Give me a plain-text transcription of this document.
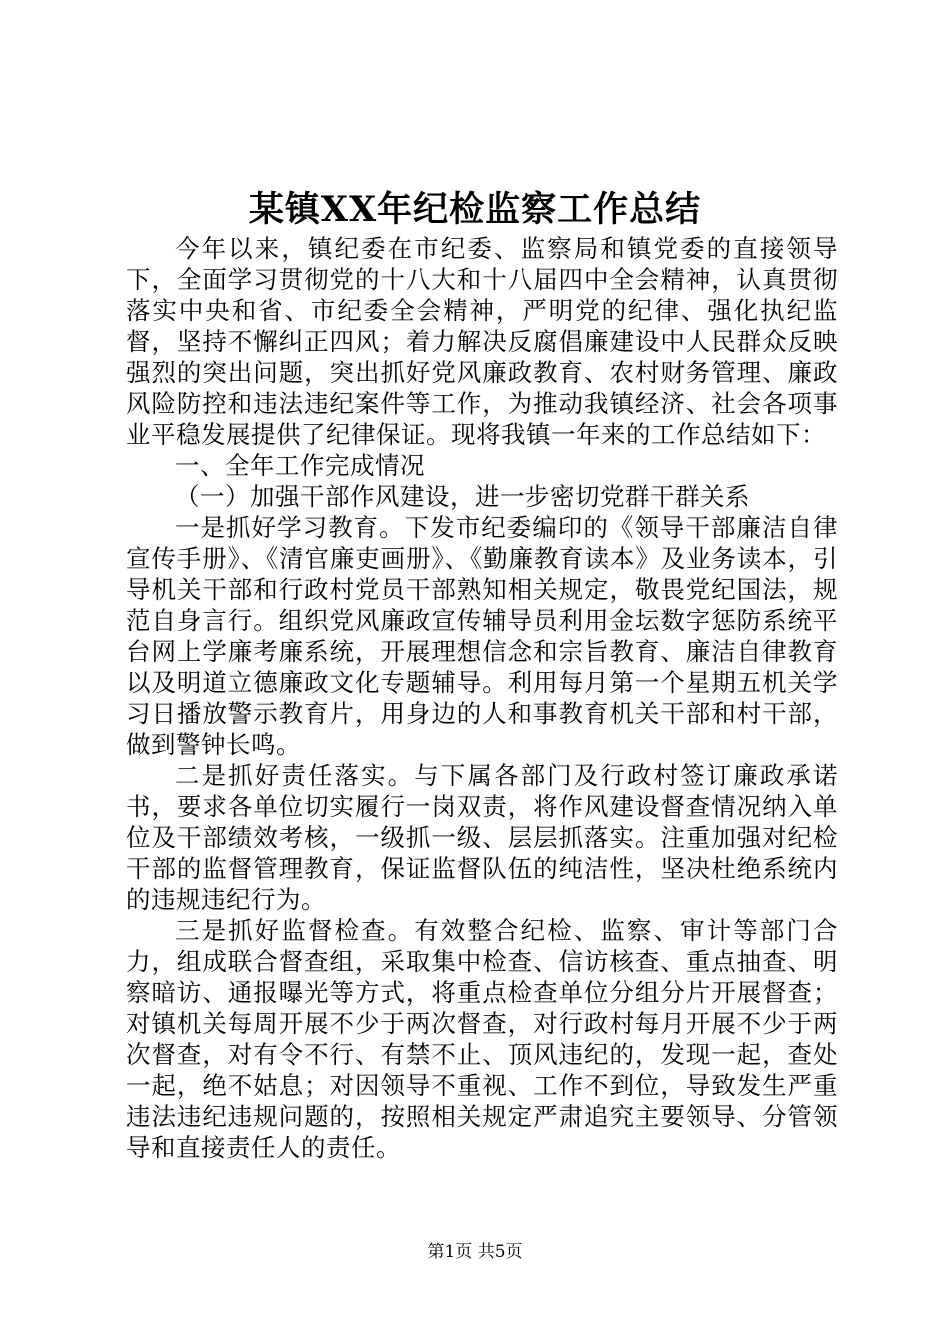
某镇XX年纪检监察工作总结

今年以来，镇纪委在市纪委、监察局和镇党委的直接领导下，全面学习贯彻党的十八大和十八届四中全会精神，认真贯彻落实中央和省、市纪委全会精神，严明党的纪律、强化执纪监督，坚持不懈纠正四风；着力解决反腐倡廉建设中人民群众反映强烈的突出问题，突出抓好党风廉政教育、农村财务管理、廉政风险防控和违法违纪案件等工作，为推动我镇经济、社会各项事业平稳发展提供了纪律保证。现将我镇一年来的工作总结如下：

一、全年工作完成情况

（一）加强干部作风建设，进一步密切党群干群关系

一是抓好学习教育。下发市纪委编印的《领导干部廉洁自律宣传手册》、《清官廉吏画册》、《勤廉教育读本》及业务读本，引导机关干部和行政村党员干部熟知相关规定，敬畏党纪国法，规范自身言行。组织党风廉政宣传辅导员利用金坛数字惩防系统平台网上学廉考廉系统，开展理想信念和宗旨教育、廉洁自律教育以及明道立德廉政文化专题辅导。利用每月第一个星期五机关学习日播放警示教育片，用身边的人和事教育机关干部和村干部，做到警钟长鸣。

二是抓好责任落实。与下属各部门及行政村签订廉政承诺书，要求各单位切实履行一岗双责，将作风建设督查情况纳入单位及干部绩效考核，一级抓一级、层层抓落实。注重加强对纪检干部的监督管理教育，保证监督队伍的纯洁性，坚决杜绝系统内的违规违纪行为。

三是抓好监督检查。有效整合纪检、监察、审计等部门合力，组成联合督查组，采取集中检查、信访核查、重点抽查、明察暗访、通报曝光等方式，将重点检查单位分组分片开展督查；对镇机关每周开展不少于两次督查，对行政村每月开展不少于两次督查，对有令不行、有禁不止、顶风违纪的，发现一起，查处一起，绝不姑息；对因领导不重视、工作不到位，导致发生严重违法违纪违规问题的，按照相关规定严肃追究主要领导、分管领导和直接责任人的责任。

第1页 共5页
